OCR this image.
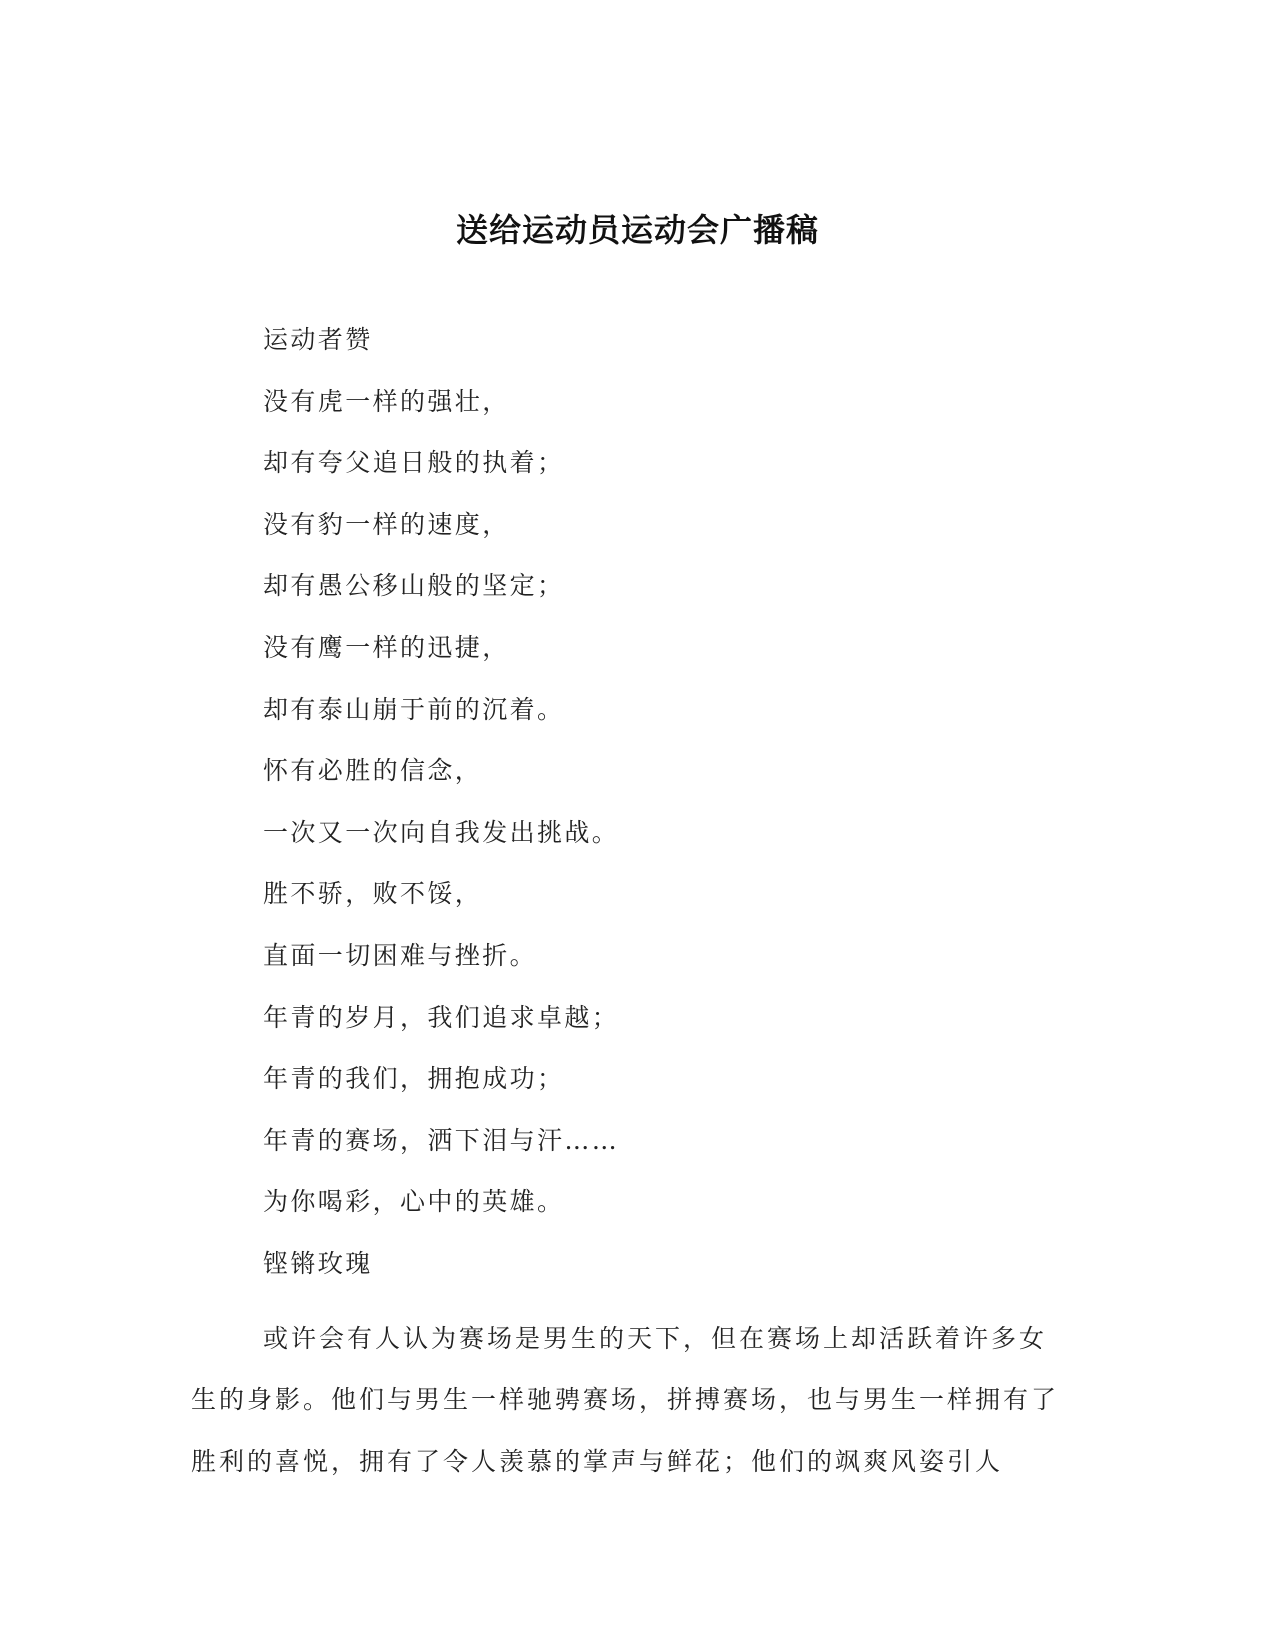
送给运动员运动会广播稿
运动者赞
没有虎一样的强壮，
却有夸父追日般的执着；
没有豹一样的速度，
却有愚公移山般的坚定；
没有鹰一样的迅捷，
却有泰山崩于前的沉着。
怀有必胜的信念，
一次又一次向自我发出挑战。
胜不骄，败不馁，
直面一切困难与挫折。
年青的岁月，我们追求卓越；
年青的我们，拥抱成功；
年青的赛场，洒下泪与汗……
为你喝彩，心中的英雄。
铿锵玫瑰

或许会有人认为赛场是男生的天下，但在赛场上却活跃着许多女生的身影。他们与男生一样驰骋赛场，拼搏赛场，也与男生一样拥有了胜利的喜悦，拥有了令人羡慕的掌声与鲜花；他们的飒爽风姿引人
